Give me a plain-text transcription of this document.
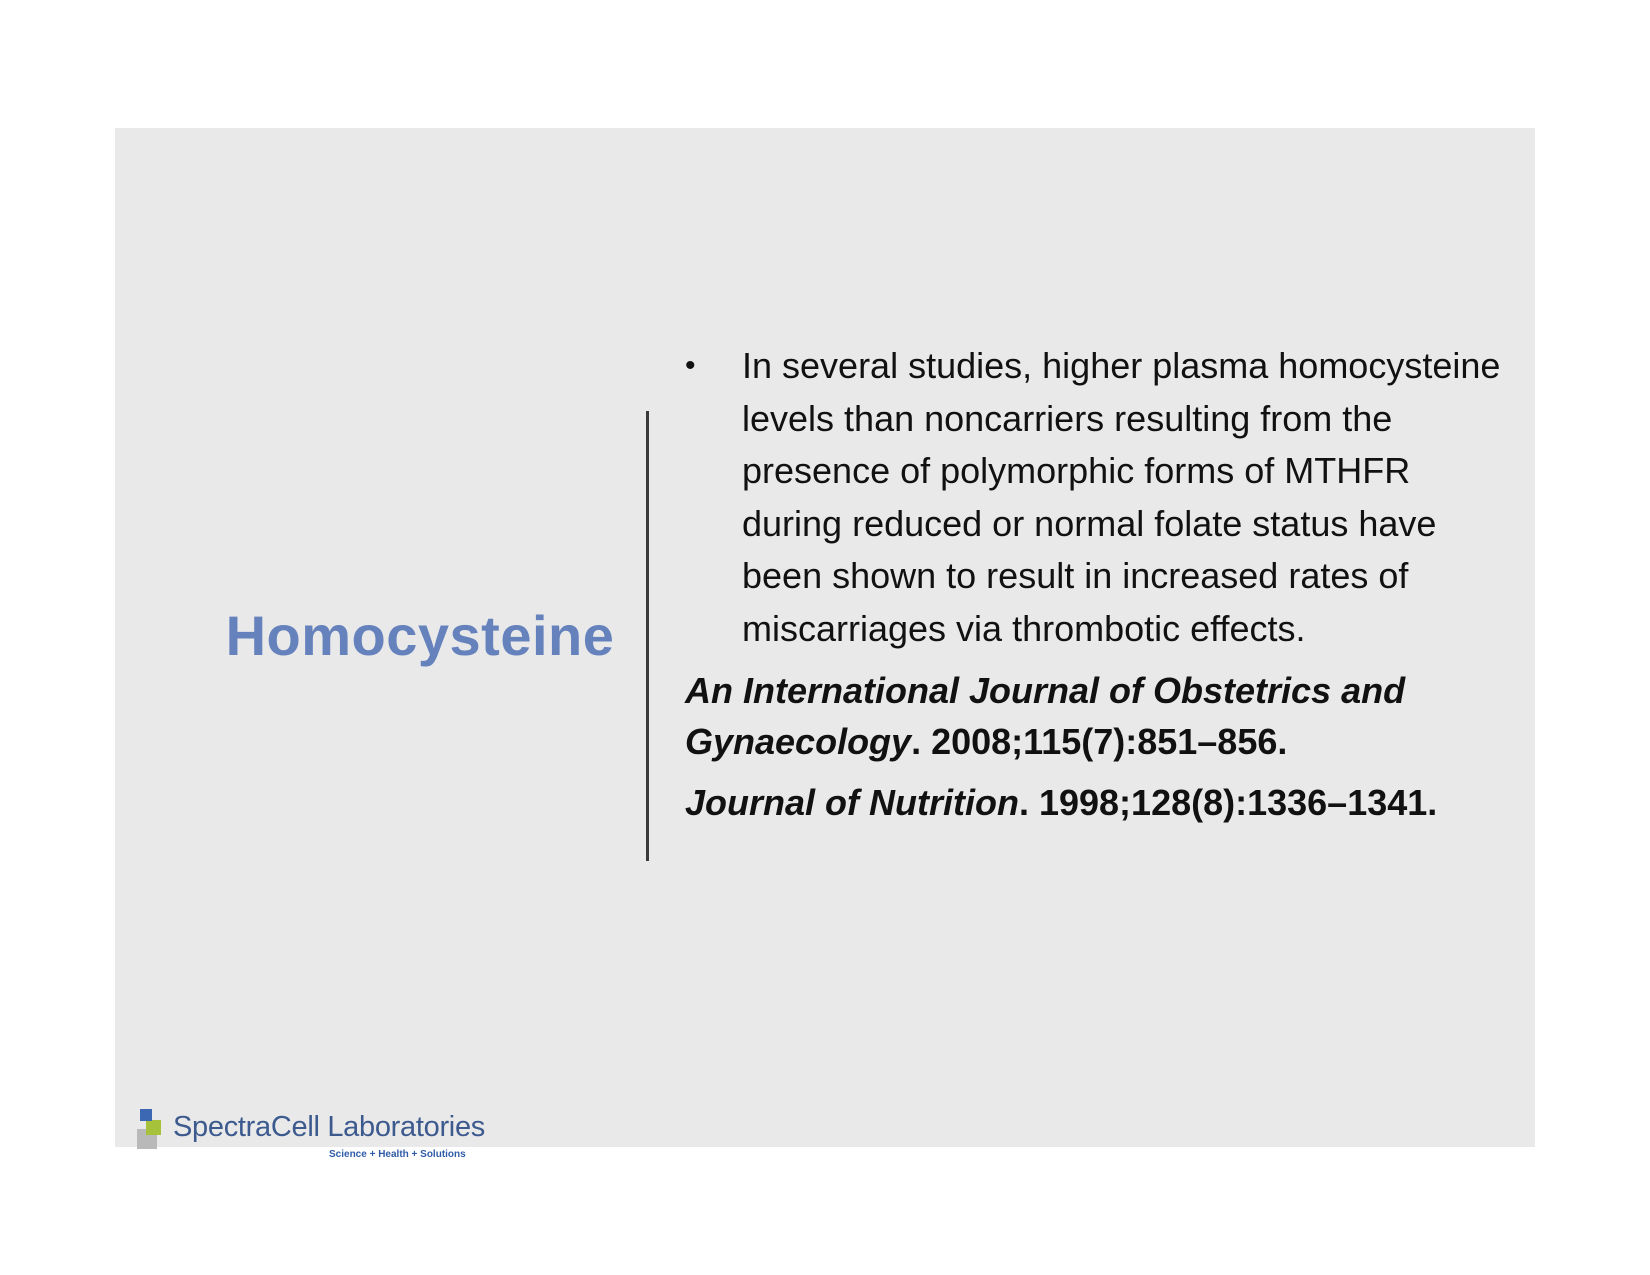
Homocysteine

• In several studies, higher plasma homocysteine levels than noncarriers resulting from the presence of polymorphic forms of MTHFR during reduced or normal folate status have been shown to result in increased rates of miscarriages via thrombotic effects.

An International Journal of Obstetrics and Gynaecology. 2008;115(7):851–856.

Journal of Nutrition. 1998;128(8):1336–1341.

SpectraCell Laboratories
Science + Health + Solutions
